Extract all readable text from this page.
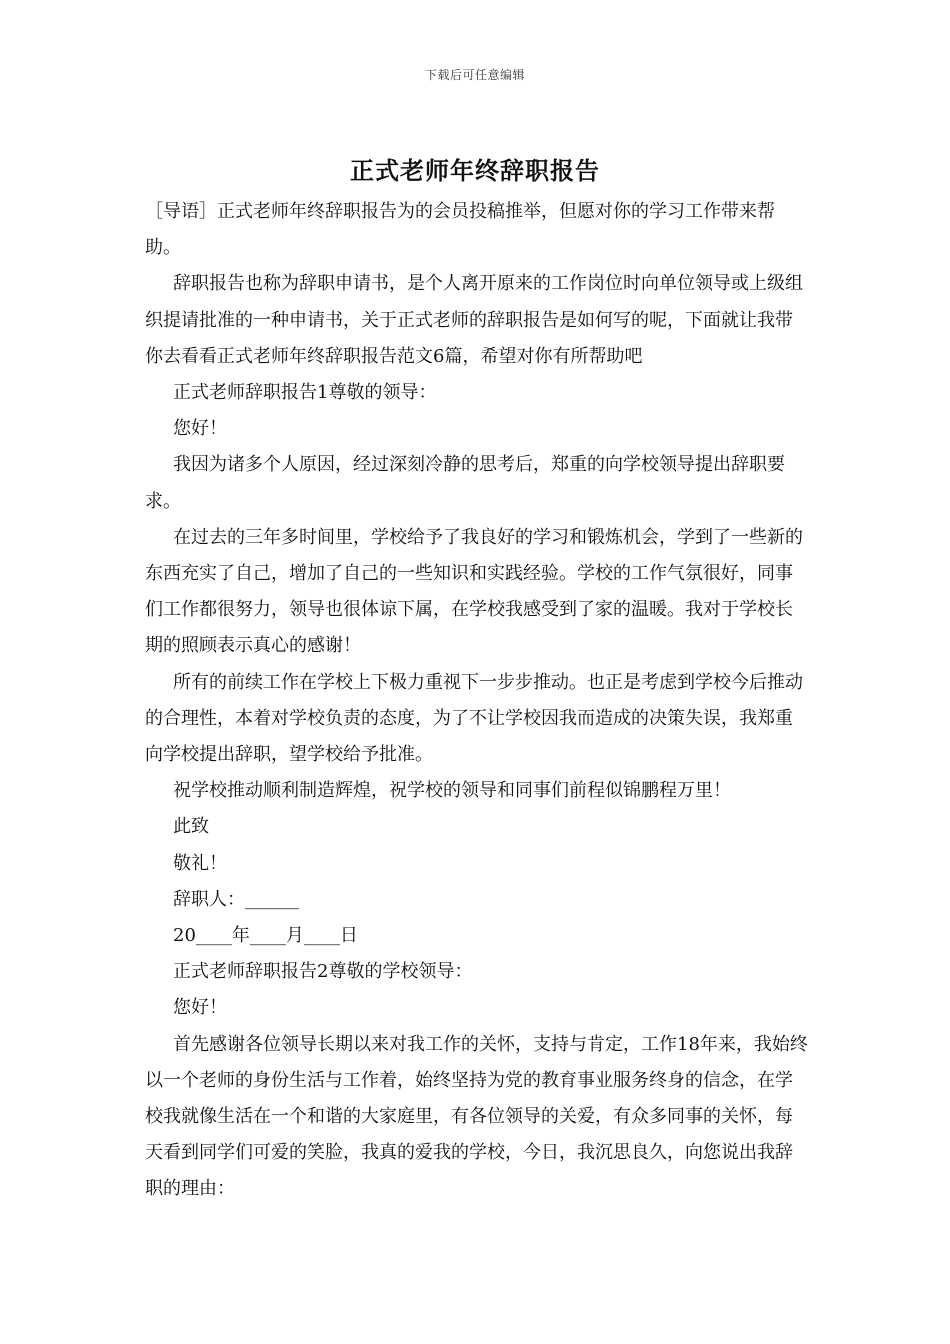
下载后可任意编辑
正式老师年终辞职报告

［导语］正式老师年终辞职报告为的会员投稿推举，但愿对你的学习工作带来帮助。

辞职报告也称为辞职申请书，是个人离开原来的工作岗位时向单位领导或上级组织提请批准的一种申请书，关于正式老师的辞职报告是如何写的呢，下面就让我带你去看看正式老师年终辞职报告范文6篇，希望对你有所帮助吧

正式老师辞职报告1尊敬的领导：

您好！

我因为诸多个人原因，经过深刻冷静的思考后，郑重的向学校领导提出辞职要求。

在过去的三年多时间里，学校给予了我良好的学习和锻炼机会，学到了一些新的东西充实了自己，增加了自己的一些知识和实践经验。学校的工作气氛很好，同事们工作都很努力，领导也很体谅下属，在学校我感受到了家的温暖。我对于学校长期的照顾表示真心的感谢！

所有的前续工作在学校上下极力重视下一步步推动。也正是考虑到学校今后推动的合理性，本着对学校负责的态度，为了不让学校因我而造成的决策失误，我郑重向学校提出辞职，望学校给予批准。

祝学校推动顺利制造辉煌，祝学校的领导和同事们前程似锦鹏程万里！

此致

敬礼！

辞职人：______

20____年____月____日

正式老师辞职报告2尊敬的学校领导：

您好！

首先感谢各位领导长期以来对我工作的关怀，支持与肯定，工作18年来，我始终以一个老师的身份生活与工作着，始终坚持为党的教育事业服务终身的信念，在学校我就像生活在一个和谐的大家庭里，有各位领导的关爱，有众多同事的关怀，每天看到同学们可爱的笑脸，我真的爱我的学校，今日，我沉思良久，向您说出我辞职的理由：
